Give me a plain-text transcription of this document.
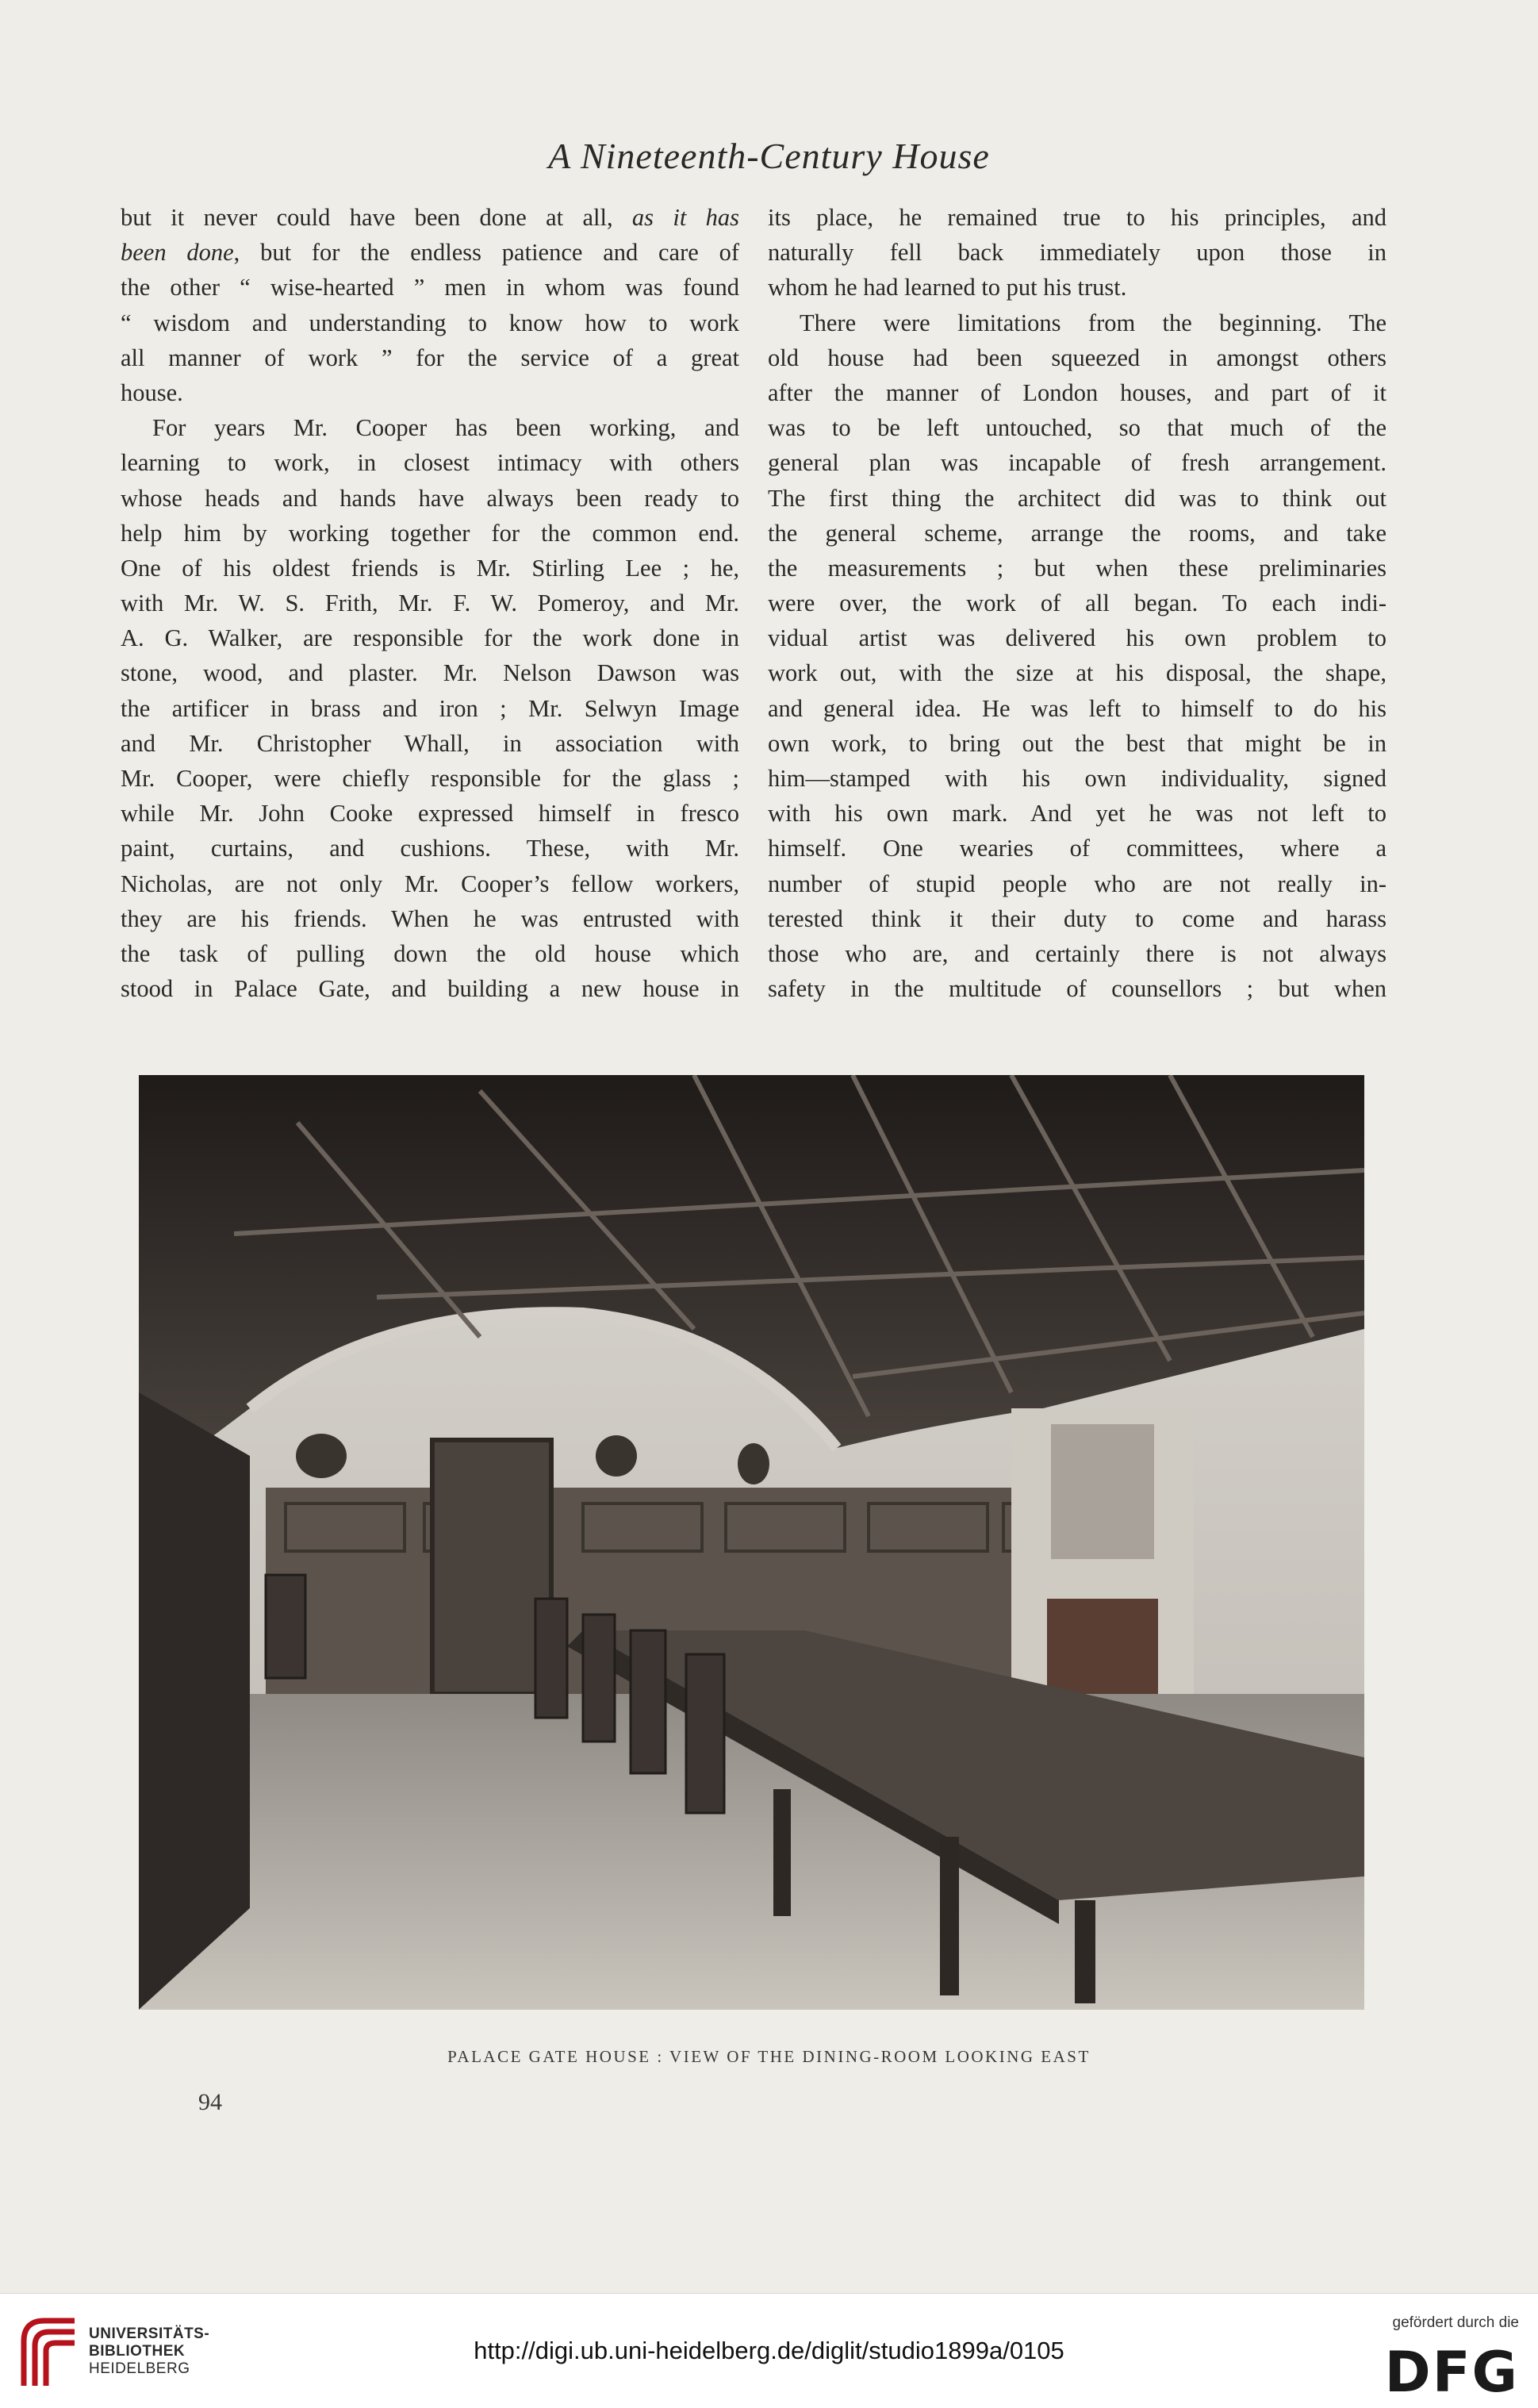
A Nineteenth-Century House
but it never could have been done at all, as it has
been done, but for the endless patience and care of
the other “ wise-hearted ” men in whom was found
“ wisdom and understanding to know how to work
all manner of work ” for the service of a great
house.
For years Mr. Cooper has been working, and
learning to work, in closest intimacy with others
whose heads and hands have always been ready to
help him by working together for the common end.
One of his oldest friends is Mr. Stirling Lee ; he,
with Mr. W. S. Frith, Mr. F. W. Pomeroy, and Mr.
A. G. Walker, are responsible for the work done in
stone, wood, and plaster. Mr. Nelson Dawson was
the artificer in brass and iron ; Mr. Selwyn Image
and Mr. Christopher Whall, in association with
Mr. Cooper, were chiefly responsible for the glass ;
while Mr. John Cooke expressed himself in fresco
paint, curtains, and cushions. These, with Mr.
Nicholas, are not only Mr. Cooper’s fellow workers,
they are his friends. When he was entrusted with
the task of pulling down the old house which
stood in Palace Gate, and building a new house in
its place, he remained true to his principles, and
naturally fell back immediately upon those in
whom he had learned to put his trust.
There were limitations from the beginning. The
old house had been squeezed in amongst others
after the manner of London houses, and part of it
was to be left untouched, so that much of the
general plan was incapable of fresh arrangement.
The first thing the architect did was to think out
the general scheme, arrange the rooms, and take
the measurements ; but when these preliminaries
were over, the work of all began. To each indi-
vidual artist was delivered his own problem to
work out, with the size at his disposal, the shape,
and general idea. He was left to himself to do his
own work, to bring out the best that might be in
him—stamped with his own individuality, signed
with his own mark. And yet he was not left to
himself. One wearies of committees, where a
number of stupid people who are not really in-
terested think it their duty to come and harass
those who are, and certainly there is not always
safety in the multitude of counsellors ; but when
PALACE GATE HOUSE : VIEW OF THE DINING-ROOM LOOKING EAST
94
UNIVERSITÄTS-
BIBLIOTHEK
HEIDELBERG
http://digi.ub.uni-heidelberg.de/diglit/studio1899a/0105
gefördert durch die
DFG
